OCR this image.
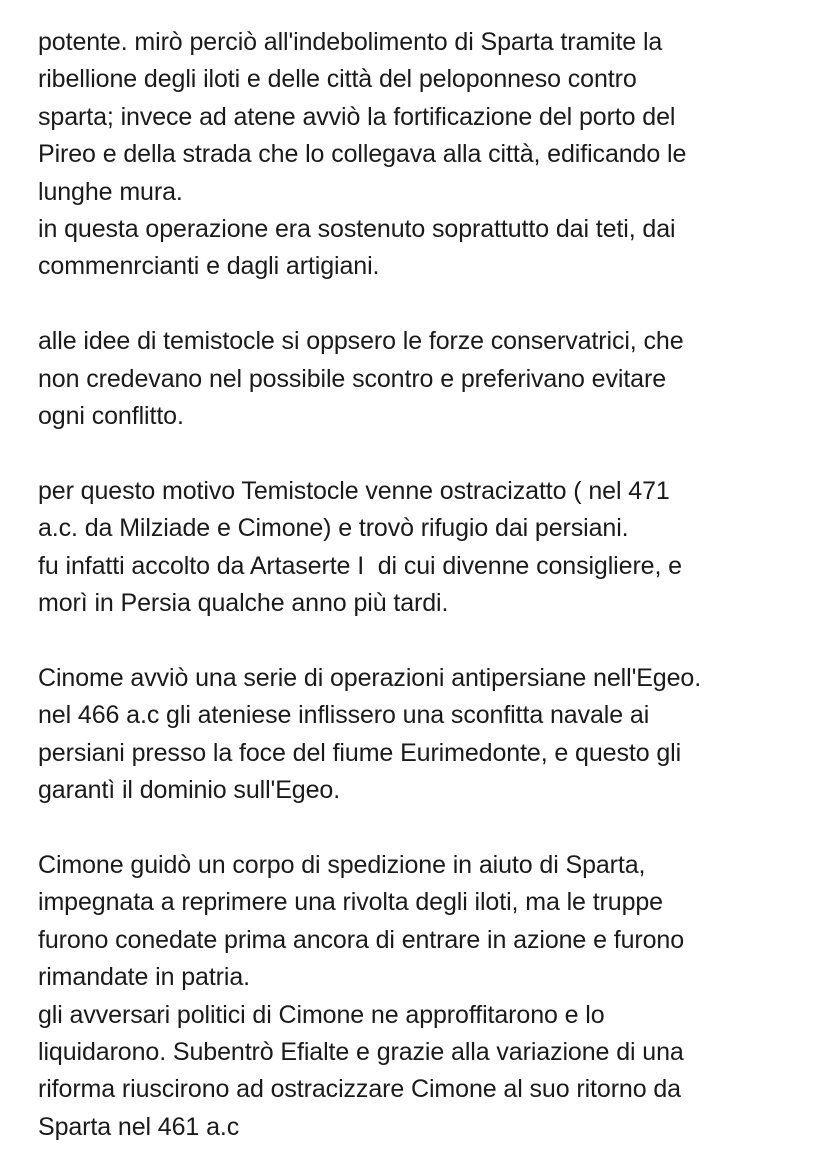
potente. mirò perciò all'indebolimento di Sparta tramite la
ribellione degli iloti e delle città del peloponneso contro
sparta; invece ad atene avviò la fortificazione del porto del
Pireo e della strada che lo collegava alla città, edificando le
lunghe mura.
in questa operazione era sostenuto soprattutto dai teti, dai
commenrcianti e dagli artigiani.
alle idee di temistocle si oppsero le forze conservatrici, che
non credevano nel possibile scontro e preferivano evitare
ogni conflitto.
per questo motivo Temistocle venne ostracizatto ( nel 471
a.c. da Milziade e Cimone) e trovò rifugio dai persiani.
fu infatti accolto da Artaserte I  di cui divenne consigliere, e
morì in Persia qualche anno più tardi.
Cinome avviò una serie di operazioni antipersiane nell'Egeo.
nel 466 a.c gli ateniese inflissero una sconfitta navale ai
persiani presso la foce del fiume Eurimedonte, e questo gli
garantì il dominio sull'Egeo.
Cimone guidò un corpo di spedizione in aiuto di Sparta,
impegnata a reprimere una rivolta degli iloti, ma le truppe
furono conedate prima ancora di entrare in azione e furono
rimandate in patria.
gli avversari politici di Cimone ne approffitarono e lo
liquidarono. Subentrò Efialte e grazie alla variazione di una
riforma riuscirono ad ostracizzare Cimone al suo ritorno da
Sparta nel 461 a.c
